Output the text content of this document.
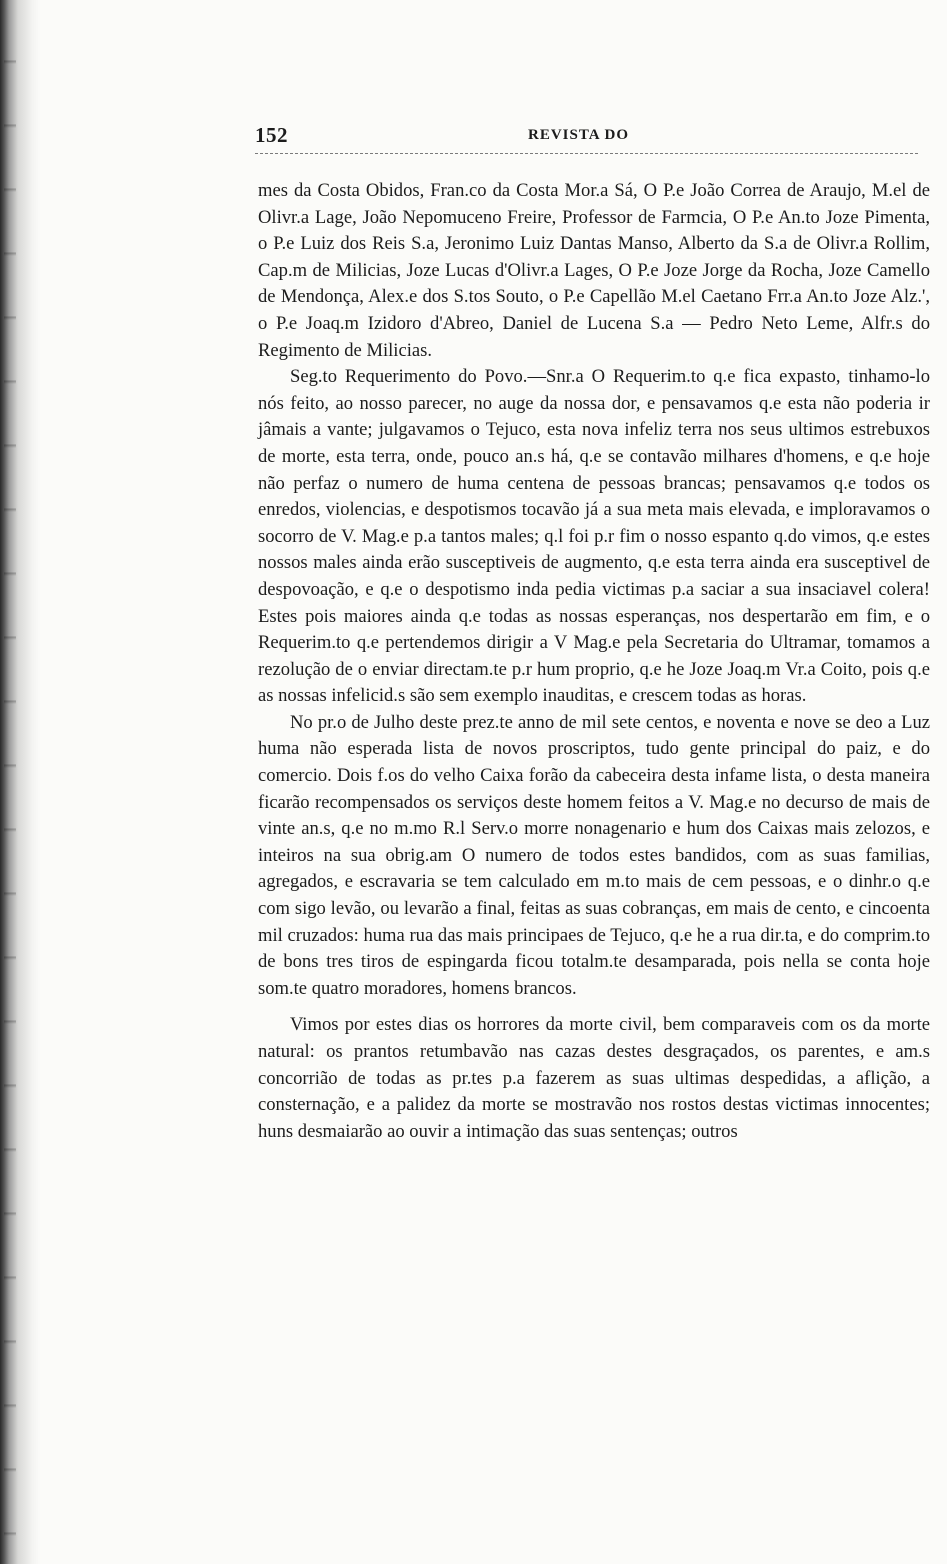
152	REVISTA DO

mes da Costa Obidos, Fran.co da Costa Mor.a Sá, O P.e João Correa de Araujo, M.el de Olivr.a Lage, João Nepomuceno Freire, Professor de Farmcia, O P.e An.to Joze Pimenta, o P.e Luiz dos Reis S.a, Jeronimo Luiz Dantas Manso, Alberto da S.a de Olivr.a Rollim, Cap.m de Milicias, Joze Lucas d'Olivr.a Lages, O P.e Joze Jorge da Rocha, Joze Camello de Mendonça, Alex.e dos S.tos Souto, o P.e Capellão M.el Caetano Frr.a An.to Joze Alz.', o P.e Joaq.m Izidoro d'Abreo, Daniel de Lucena S.a — Pedro Neto Leme, Alfr.s do Regimento de Milicias.

Seg.to Requerimento do Povo.—Snr.a O Requerim.to q.e fica expasto, tinhamo-lo nós feito, ao nosso parecer, no auge da nossa dor, e pensavamos q.e esta não poderia ir jâmais a vante; julgavamos o Tejuco, esta nova infeliz terra nos seus ultimos estrebuxos de morte, esta terra, onde, pouco an.s há, q.e se contavão milhares d'homens, e q.e hoje não perfaz o numero de huma centena de pessoas brancas; pensavamos q.e todos os enredos, violencias, e despotismos tocavão já a sua meta mais elevada, e imploravamos o socorro de V. Mag.e p.a tantos males; q.l foi p.r fim o nosso espanto q.do vimos, q.e estes nossos males ainda erão susceptiveis de augmento, q.e esta terra ainda era susceptivel de despovoação, e q.e o despotismo inda pedia victimas p.a saciar a sua insaciavel colera! Estes pois maiores ainda q.e todas as nossas esperanças, nos despertarão em fim, e o Requerim.to q.e pertendemos dirigir a V Mag.e pela Secretaria do Ultramar, tomamos a rezolução de o enviar directam.te p.r hum proprio, q.e he Joze Joaq.m Vr.a Coito, pois q.e as nossas infelicid.s são sem exemplo inauditas, e crescem todas as horas.

No pr.o de Julho deste prez.te anno de mil sete centos, e noventa e nove se deo a Luz huma não esperada lista de novos proscriptos, tudo gente principal do paiz, e do comercio. Dois f.os do velho Caixa forão da cabeceira desta infame lista, o desta maneira ficarão recompensados os serviços deste homem feitos a V. Mag.e no decurso de mais de vinte an.s, q.e no m.mo R.l Serv.o morre nonagenario e hum dos Caixas mais zelozos, e inteiros na sua obrig.am O numero de todos estes bandidos, com as suas familias, agregados, e escravaria se tem calculado em m.to mais de cem pessoas, e o dinhr.o q.e com sigo levão, ou levarão a final, feitas as suas cobranças, em mais de cento, e cincoenta mil cruzados: huma rua das mais principaes de Tejuco, q.e he a rua dir.ta, e do comprim.to de bons tres tiros de espingarda ficou totalm.te desamparada, pois nella se conta hoje som.te quatro moradores, homens brancos.

Vimos por estes dias os horrores da morte civil, bem comparaveis com os da morte natural: os prantos retumbavão nas cazas destes desgraçados, os parentes, e am.s concorrião de todas as pr.tes p.a fazerem as suas ultimas despedidas, a aflição, a consternação, e a palidez da morte se mostravão nos rostos destas victimas innocentes; huns desmaiarão ao ouvir a intimação das suas sentenças; outros
